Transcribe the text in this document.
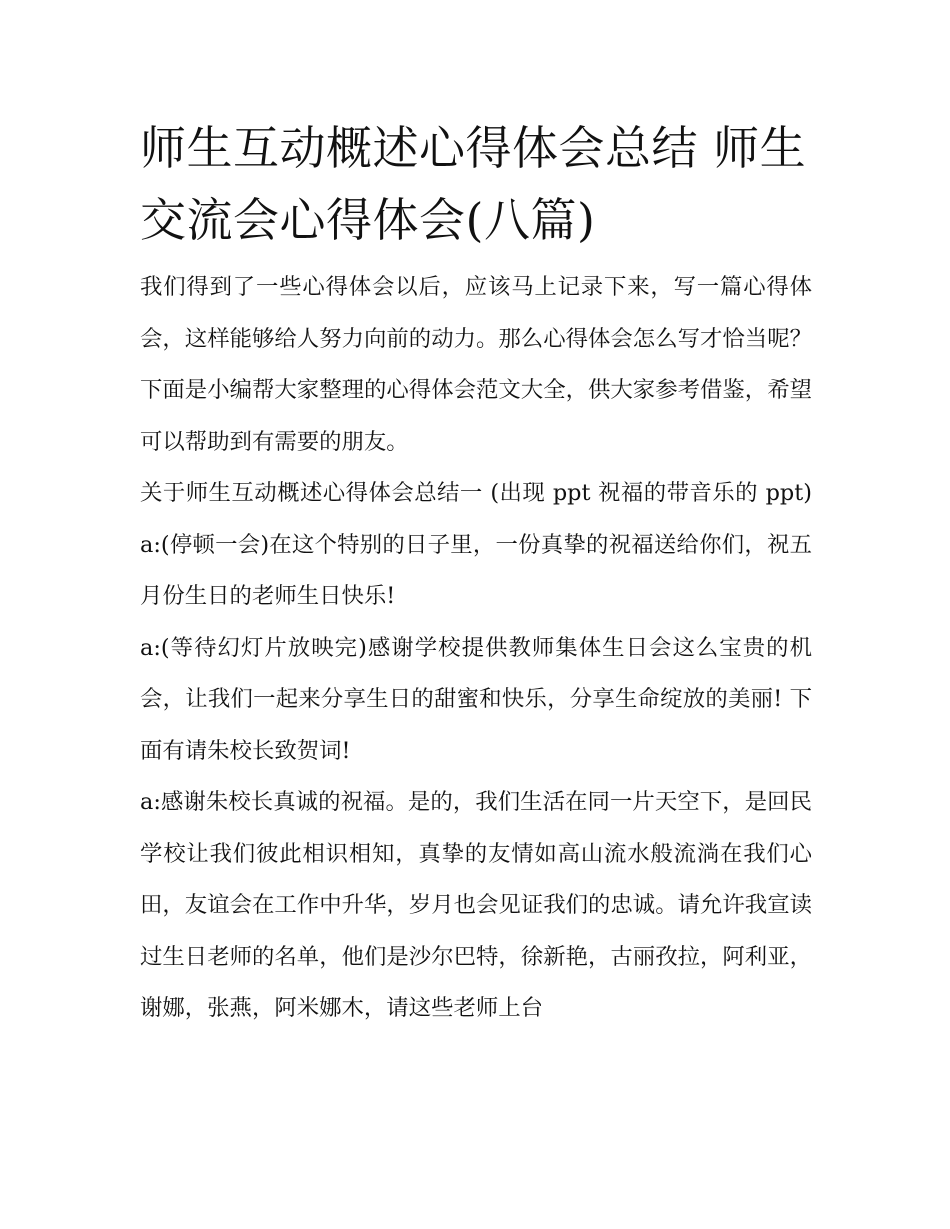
师生互动概述心得体会总结 师生交流会心得体会(八篇)

我们得到了一些心得体会以后，应该马上记录下来，写一篇心得体会，这样能够给人努力向前的动力。那么心得体会怎么写才恰当呢？下面是小编帮大家整理的心得体会范文大全，供大家参考借鉴，希望可以帮助到有需要的朋友。

关于师生互动概述心得体会总结一 (出现 ppt 祝福的带音乐的 ppt) a:(停顿一会)在这个特别的日子里，一份真挚的祝福送给你们，祝五月份生日的老师生日快乐!

a:(等待幻灯片放映完)感谢学校提供教师集体生日会这么宝贵的机会，让我们一起来分享生日的甜蜜和快乐，分享生命绽放的美丽! 下面有请朱校长致贺词!

a:感谢朱校长真诚的祝福。是的，我们生活在同一片天空下，是回民学校让我们彼此相识相知，真挚的友情如高山流水般流淌在我们心田，友谊会在工作中升华，岁月也会见证我们的忠诚。请允许我宣读过生日老师的名单，他们是沙尔巴特，徐新艳，古丽孜拉，阿利亚，谢娜，张燕，阿米娜木，请这些老师上台
